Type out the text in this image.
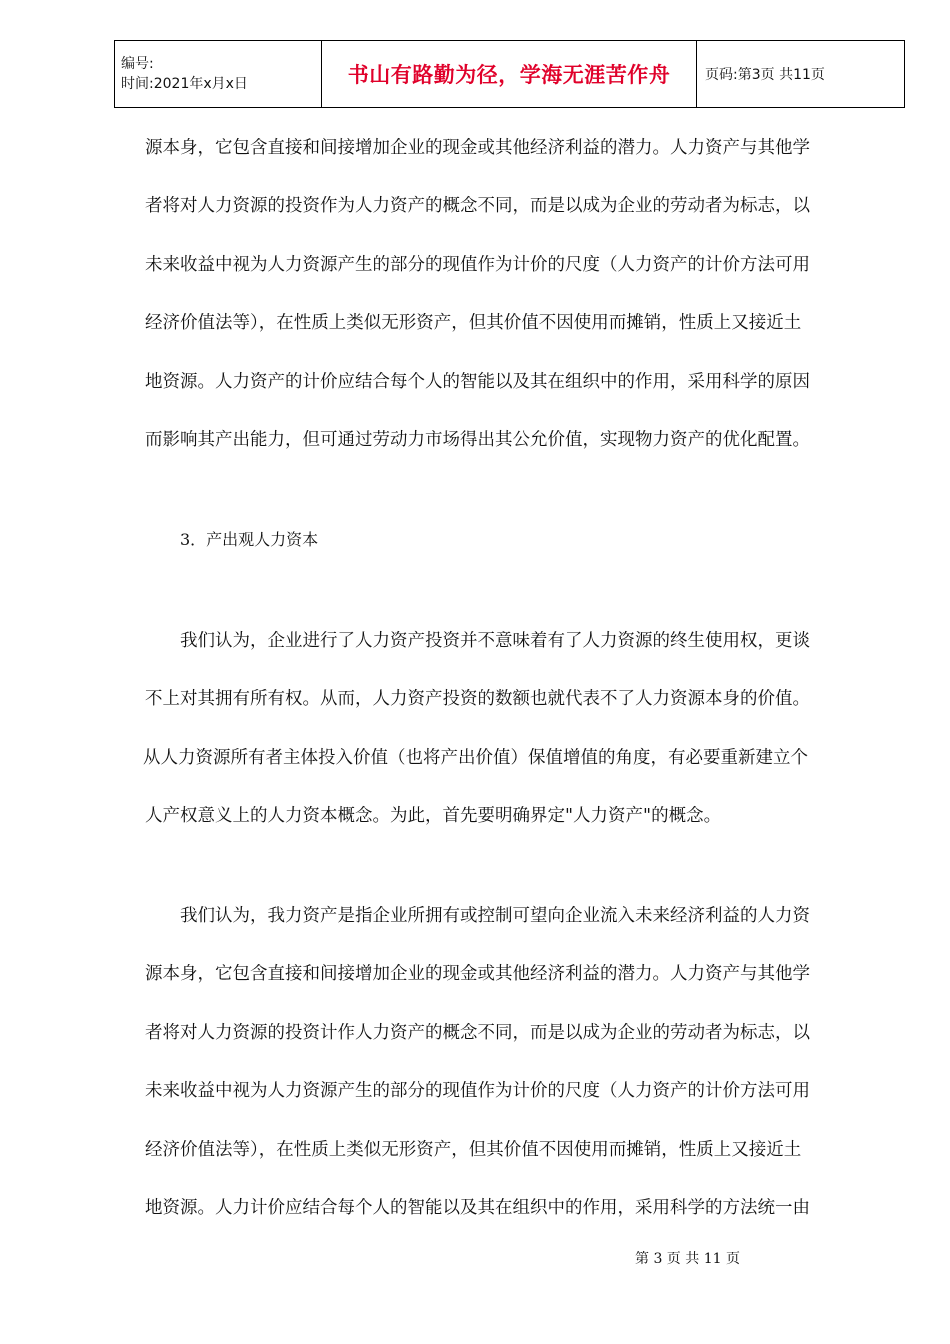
编号:
时间:2021年x月x日	书山有路勤为径，学海无涯苦作舟	页码:第3页 共11页
源本身，它包含直接和间接增加企业的现金或其他经济利益的潜力。人力资产与其他学
者将对人力资源的投资作为人力资产的概念不同，而是以成为企业的劳动者为标志，以
未来收益中视为人力资源产生的部分的现值作为计价的尺度（人力资产的计价方法可用
经济价值法等），在性质上类似无形资产，但其价值不因使用而摊销，性质上又接近土
地资源。人力资产的计价应结合每个人的智能以及其在组织中的作用，采用科学的原因
而影响其产出能力，但可通过劳动力市场得出其公允价值，实现物力资产的优化配置。
3．产出观人力资本
我们认为，企业进行了人力资产投资并不意味着有了人力资源的终生使用权，更谈
不上对其拥有所有权。从而，人力资产投资的数额也就代表不了人力资源本身的价值。
从人力资源所有者主体投入价值（也将产出价值）保值增值的角度，有必要重新建立个
人产权意义上的人力资本概念。为此，首先要明确界定"人力资产"的概念。
我们认为，我力资产是指企业所拥有或控制可望向企业流入未来经济利益的人力资
源本身，它包含直接和间接增加企业的现金或其他经济利益的潜力。人力资产与其他学
者将对人力资源的投资计作人力资产的概念不同，而是以成为企业的劳动者为标志，以
未来收益中视为人力资源产生的部分的现值作为计价的尺度（人力资产的计价方法可用
经济价值法等），在性质上类似无形资产，但其价值不因使用而摊销，性质上又接近土
地资源。人力计价应结合每个人的智能以及其在组织中的作用，采用科学的方法统一由
第 3 页 共 11 页
